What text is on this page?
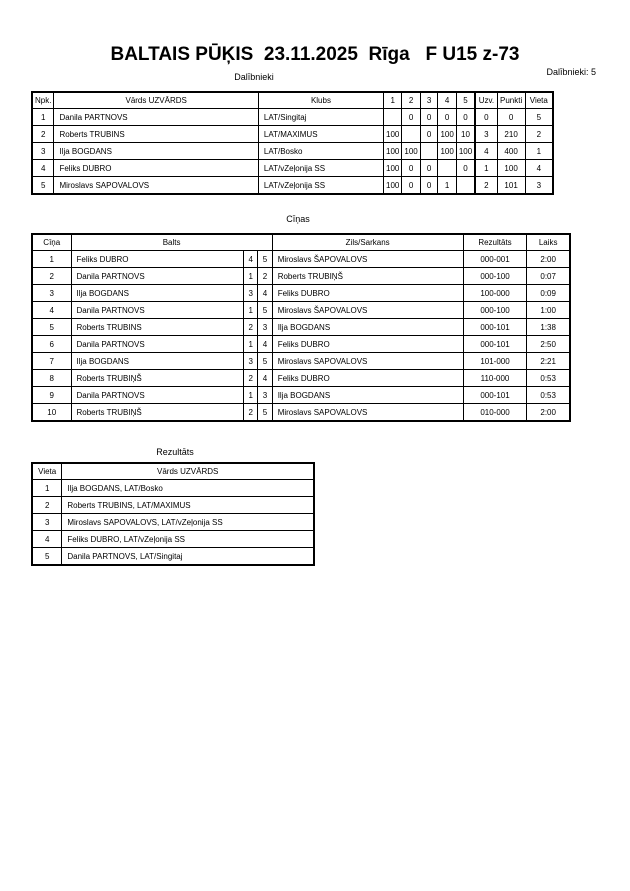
BALTAIS PŪĶIS  23.11.2025  Rīga   F U15 z-73
Dalībnieki: 5
Dalībnieki
Npk.	Vārds UZVĀRDS	Klubs	1	2	3	4	5	Uzv.	Punkti	Vieta
1	Danila PARTNOVS	LAT/Singitaj		0	0	0	0	0	0	5
2	Roberts TRUBINS	LAT/MAXIMUS	100		0	100	10	3	210	2
3	Ilja BOGDANS	LAT/Bosko	100	100		100	100	4	400	1
4	Feliks DUBRO	LAT/vZeļonija SS	100	0	0		0	1	100	4
5	Miroslavs SAPOVALOVS	LAT/vZeļonija SS	100	0	0	1		2	101	3
Cīņas
Cīņa	Balts			Zils/Sarkans	Rezultāts	Laiks
1	Feliks DUBRO	4	5	Miroslavs ŠAPOVALOVS	000-001	2:00
2	Danila PARTNOVS	1	2	Roberts TRUBIŅŠ	000-100	0:07
3	Ilja BOGDANS	3	4	Feliks DUBRO	100-000	0:09
4	Danila PARTNOVS	1	5	Miroslavs ŠAPOVALOVS	000-100	1:00
5	Roberts TRUBINS	2	3	Ilja BOGDANS	000-101	1:38
6	Danila PARTNOVS	1	4	Feliks DUBRO	000-101	2:50
7	Ilja BOGDANS	3	5	Miroslavs SAPOVALOVS	101-000	2:21
8	Roberts TRUBIŅŠ	2	4	Feliks DUBRO	110-000	0:53
9	Danila PARTNOVS	1	3	Ilja BOGDANS	000-101	0:53
10	Roberts TRUBIŅŠ	2	5	Miroslavs SAPOVALOVS	010-000	2:00
Rezultāts
Vieta	Vārds UZVĀRDS
1	Ilja BOGDANS, LAT/Bosko
2	Roberts TRUBINS, LAT/MAXIMUS
3	Miroslavs SAPOVALOVS, LAT/vZeļonija SS
4	Feliks DUBRO, LAT/vZeļonija SS
5	Danila PARTNOVS, LAT/Singitaj
